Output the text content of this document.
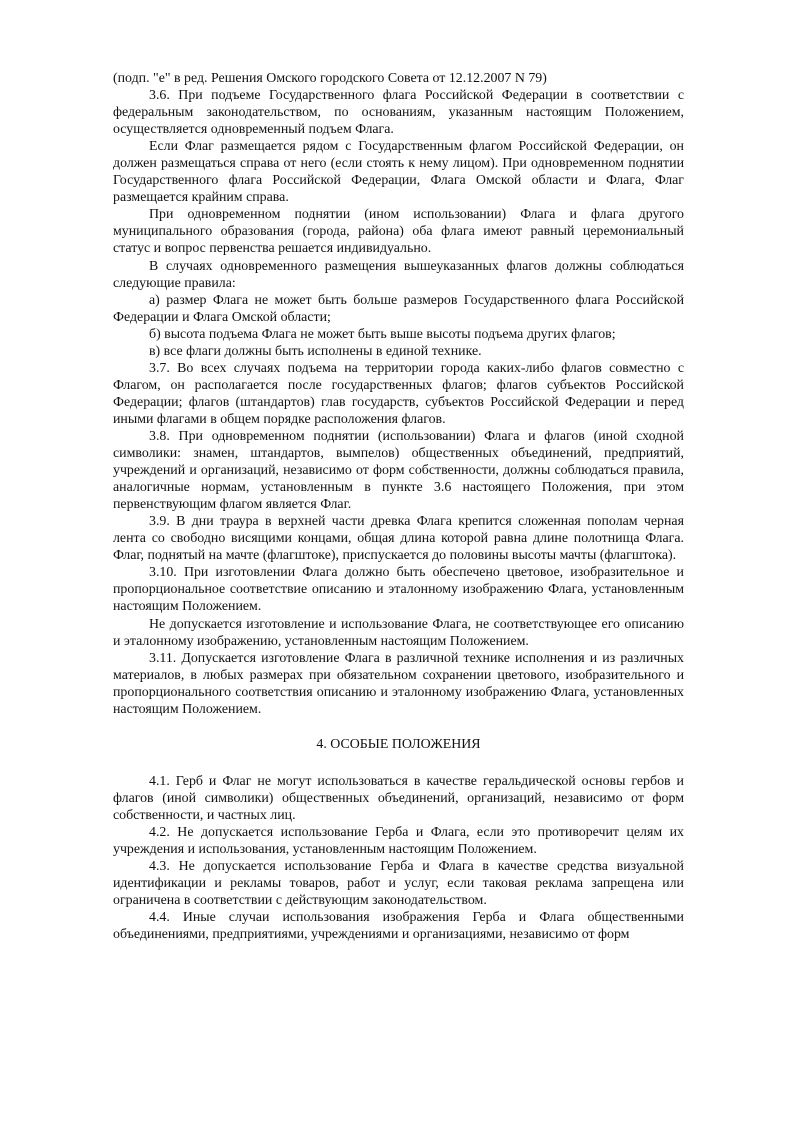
(подп. "е" в ред. Решения Омского городского Совета от 12.12.2007 N 79)

3.6. При подъеме Государственного флага Российской Федерации в соответствии с федеральным законодательством, по основаниям, указанным настоящим Положением, осуществляется одновременный подъем Флага.

Если Флаг размещается рядом с Государственным флагом Российской Федерации, он должен размещаться справа от него (если стоять к нему лицом). При одновременном поднятии Государственного флага Российской Федерации, Флага Омской области и Флага, Флаг размещается крайним справа.

При одновременном поднятии (ином использовании) Флага и флага другого муниципального образования (города, района) оба флага имеют равный церемониальный статус и вопрос первенства решается индивидуально.

В случаях одновременного размещения вышеуказанных флагов должны соблюдаться следующие правила:

а) размер Флага не может быть больше размеров Государственного флага Российской Федерации и Флага Омской области;

б) высота подъема Флага не может быть выше высоты подъема других флагов;

в) все флаги должны быть исполнены в единой технике.

3.7. Во всех случаях подъема на территории города каких-либо флагов совместно с Флагом, он располагается после государственных флагов; флагов субъектов Российской Федерации; флагов (штандартов) глав государств, субъектов Российской Федерации и перед иными флагами в общем порядке расположения флагов.

3.8. При одновременном поднятии (использовании) Флага и флагов (иной сходной символики: знамен, штандартов, вымпелов) общественных объединений, предприятий, учреждений и организаций, независимо от форм собственности, должны соблюдаться правила, аналогичные нормам, установленным в пункте 3.6 настоящего Положения, при этом первенствующим флагом является Флаг.

3.9. В дни траура в верхней части древка Флага крепится сложенная пополам черная лента со свободно висящими концами, общая длина которой равна длине полотнища Флага. Флаг, поднятый на мачте (флагштоке), приспускается до половины высоты мачты (флагштока).

3.10. При изготовлении Флага должно быть обеспечено цветовое, изобразительное и пропорциональное соответствие описанию и эталонному изображению Флага, установленным настоящим Положением.

Не допускается изготовление и использование Флага, не соответствующее его описанию и эталонному изображению, установленным настоящим Положением.

3.11. Допускается изготовление Флага в различной технике исполнения и из различных материалов, в любых размерах при обязательном сохранении цветового, изобразительного и пропорционального соответствия описанию и эталонному изображению Флага, установленных настоящим Положением.

4. ОСОБЫЕ ПОЛОЖЕНИЯ

4.1. Герб и Флаг не могут использоваться в качестве геральдической основы гербов и флагов (иной символики) общественных объединений, организаций, независимо от форм собственности, и частных лиц.

4.2. Не допускается использование Герба и Флага, если это противоречит целям их учреждения и использования, установленным настоящим Положением.

4.3. Не допускается использование Герба и Флага в качестве средства визуальной идентификации и рекламы товаров, работ и услуг, если таковая реклама запрещена или ограничена в соответствии с действующим законодательством.

4.4. Иные случаи использования изображения Герба и Флага общественными объединениями, предприятиями, учреждениями и организациями, независимо от форм
